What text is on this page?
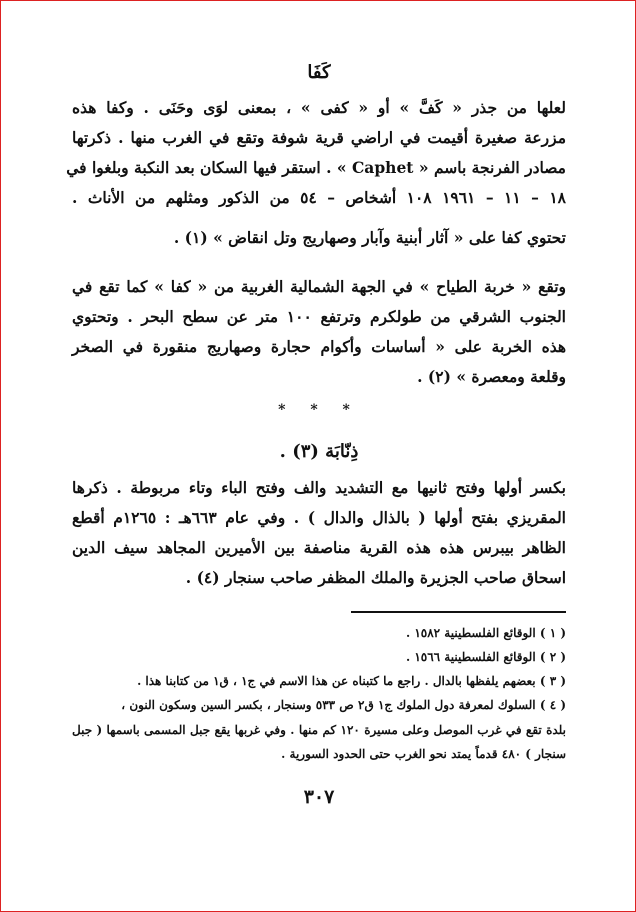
كَفَا
لعلها من جذر « كَفَّ » أو « كفى » ، بمعنى لوَى وحَنَى . وكفا هذه
مزرعة صغيرة أقيمت في اراضي قرية شوفة وتقع في الغرب منها . ذكرتها
مصادر الفرنجة باسم « Caphet » . استقر فيها السكان بعد النكبة وبلغوا في
١٨ – ١١ – ١٩٦١ ١٠٨ أشخاص – ٥٤ من الذكور ومثلهم من الأناث .
تحتوي كفا على « آثار أبنية وآبار وصهاريج وتل انقاض » (١) .
وتقع « خربة الطياح » في الجهة الشمالية الغربية من « كفا » كما تقع في
الجنوب الشرقي من طولكرم وترتفع ١٠٠ متر عن سطح البحر . وتحتوي
هذه الخربة على « أساسات وأكوام حجارة وصهاريج منقورة في الصخر
وقلعة ومعصرة » (٢) .
* * *
ذِنّابَة (٣) .
بكسر أولها وفتح ثانيها مع التشديد والف وفتح الباء وتاء مربوطة . ذكرها
المقريزي بفتح أولها ( بالذال والدال ) . وفي عام ٦٦٣هـ : ١٢٦٥م أقطع
الظاهر بيبرس هذه هذه القرية مناصفة بين الأميرين المجاهد سيف الدين
اسحاق صاحب الجزيرة والملك المظفر صاحب سنجار (٤) .
( ١ ) الوقائع الفلسطينية ١٥٨٢ .
( ٢ ) الوقائع الفلسطينية ١٥٦٦ .
( ٣ ) بعضهم يلفظها بالدال . راجع ما كتبناه عن هذا الاسم في ج١ ، ق١ من كتابنا هذا .
( ٤ ) السلوك لمعرفة دول الملوك ج١ ق٢ ص ٥٣٣ وسنجار ، بكسر السين وسكون النون ،
بلدة تقع في غرب الموصل وعلى مسيرة ١٢٠ كم منها . وفي غربها يقع جبل المسمى باسمها ( جبل
سنجار ) ٤٨٠ قدماً يمتد نحو الغرب حتى الحدود السورية .
٣٠٧
